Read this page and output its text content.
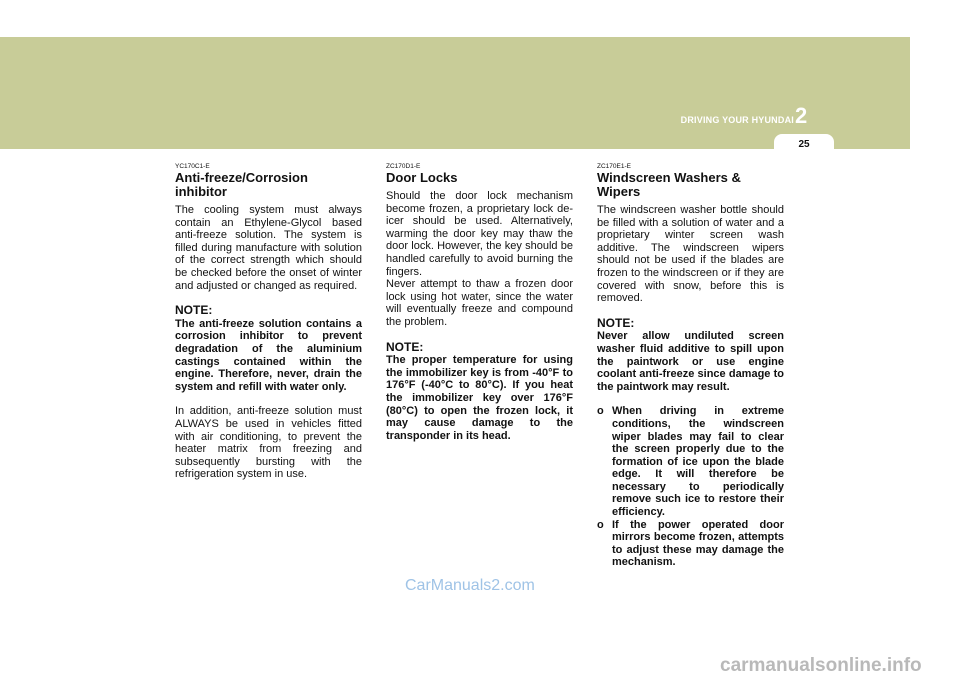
DRIVING YOUR HYUNDAI 2
25

YC170C1-E

Anti-freeze/Corrosion inhibitor

The cooling system must always contain an Ethylene-Glycol based anti-freeze solution. The system is filled during manufacture with solution of the correct strength which should be checked before the onset of winter and adjusted or changed as required.

NOTE:

The anti-freeze solution contains a corrosion inhibitor to prevent degradation of the aluminium castings contained within the engine. Therefore, never, drain the system and refill with water only.

In addition, anti-freeze solution must ALWAYS be used in vehicles fitted with air conditioning, to prevent the heater matrix from freezing and subsequently bursting with the refrigeration system in use.

ZC170D1-E

Door Locks

Should the door lock mechanism become frozen, a proprietary lock de-icer should be used. Alternatively, warming the door key may thaw the door lock. However, the key should be handled carefully to avoid burning the fingers.

Never attempt to thaw a frozen door lock using hot water, since the water will eventually freeze and compound the problem.

NOTE:

The proper temperature for using the immobilizer key is from -40°F to 176°F (-40°C to 80°C). If you heat the immobilizer key over 176°F (80°C) to open the frozen lock, it may cause damage to the transponder in its head.

ZC170E1-E

Windscreen Washers & Wipers

The windscreen washer bottle should be filled with a solution of water and a proprietary winter screen wash additive. The windscreen wipers should not be used if the blades are frozen to the windscreen or if they are covered with snow, before this is removed.

NOTE:

Never allow undiluted screen washer fluid additive to spill upon the paintwork or use engine coolant anti-freeze since damage to the paintwork may result.

o When driving in extreme conditions, the windscreen wiper blades may fail to clear the screen properly due to the formation of ice upon the blade edge. It will therefore be necessary to periodically remove such ice to restore their efficiency.
o If the power operated door mirrors become frozen, attempts to adjust these may damage the mechanism.
CarManuals2.com
carmanualsonline.info
